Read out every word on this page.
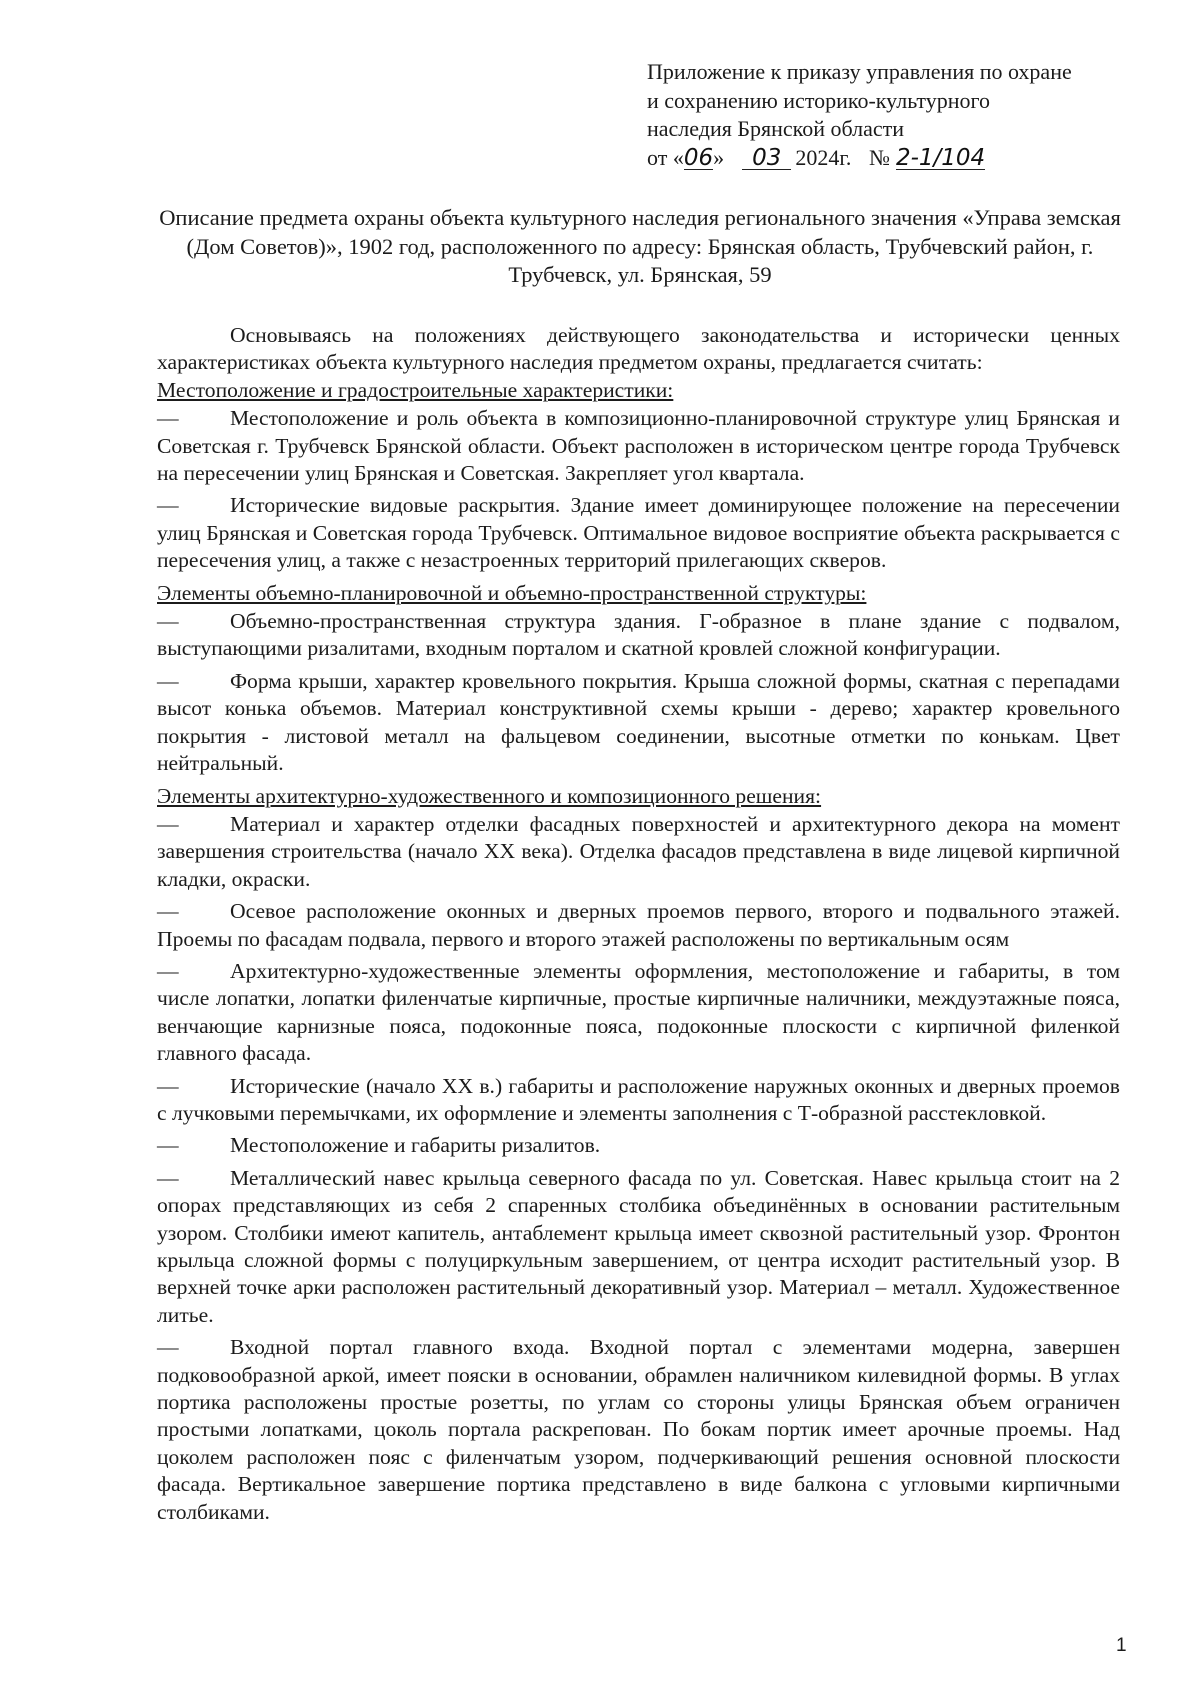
Приложение к приказу управления по охране
и сохранению историко-культурного
наследия Брянской области
от «06» 03 2024г. № 2-1/104
Описание предмета охраны объекта культурного наследия регионального значения «Управа земская (Дом Советов)», 1902 год, расположенного по адресу: Брянская область, Трубчевский район, г. Трубчевск, ул. Брянская, 59
Основываясь на положениях действующего законодательства и исторически ценных характеристиках объекта культурного наследия предметом охраны, предлагается считать:
Местоположение и градостроительные характеристики:
— Местоположение и роль объекта в композиционно-планировочной структуре улиц Брянская и Советская г. Трубчевск Брянской области. Объект расположен в историческом центре города Трубчевск на пересечении улиц Брянская и Советская. Закрепляет угол квартала.
— Исторические видовые раскрытия. Здание имеет доминирующее положение на пересечении улиц Брянская и Советская города Трубчевск. Оптимальное видовое восприятие объекта раскрывается с пересечения улиц, а также с незастроенных территорий прилегающих скверов.
Элементы объемно-планировочной и объемно-пространственной структуры:
— Объемно-пространственная структура здания. Г-образное в плане здание с подвалом, выступающими ризалитами, входным порталом и скатной кровлей сложной конфигурации.
— Форма крыши, характер кровельного покрытия. Крыша сложной формы, скатная с перепадами высот конька объемов. Материал конструктивной схемы крыши - дерево; характер кровельного покрытия - листовой металл на фальцевом соединении, высотные отметки по конькам. Цвет нейтральный.
Элементы архитектурно-художественного и композиционного решения:
— Материал и характер отделки фасадных поверхностей и архитектурного декора на момент завершения строительства (начало XX века). Отделка фасадов представлена в виде лицевой кирпичной кладки, окраски.
— Осевое расположение оконных и дверных проемов первого, второго и подвального этажей. Проемы по фасадам подвала, первого и второго этажей расположены по вертикальным осям
— Архитектурно-художественные элементы оформления, местоположение и габариты, в том числе лопатки, лопатки филенчатые кирпичные, простые кирпичные наличники, междуэтажные пояса, венчающие карнизные пояса, подоконные пояса, подоконные плоскости с кирпичной филенкой главного фасада.
— Исторические (начало XX в.) габариты и расположение наружных оконных и дверных проемов с лучковыми перемычками, их оформление и элементы заполнения с Т-образной расстекловкой.
— Местоположение и габариты ризалитов.
— Металлический навес крыльца северного фасада по ул. Советская. Навес крыльца стоит на 2 опорах представляющих из себя 2 спаренных столбика объединённых в основании растительным узором. Столбики имеют капитель, антаблемент крыльца имеет сквозной растительный узор. Фронтон крыльца сложной формы с полуциркульным завершением, от центра исходит растительный узор. В верхней точке арки расположен растительный декоративный узор. Материал – металл. Художественное литье.
— Входной портал главного входа. Входной портал с элементами модерна, завершен подковообразной аркой, имеет пояски в основании, обрамлен наличником килевидной формы. В углах портика расположены простые розетты, по углам со стороны улицы Брянская объем ограничен простыми лопатками, цоколь портала раскрепован. По бокам портик имеет арочные проемы. Над цоколем расположен пояс с филенчатым узором, подчеркивающий решения основной плоскости фасада. Вертикальное завершение портика представлено в виде балкона с угловыми кирпичными столбиками.
1
